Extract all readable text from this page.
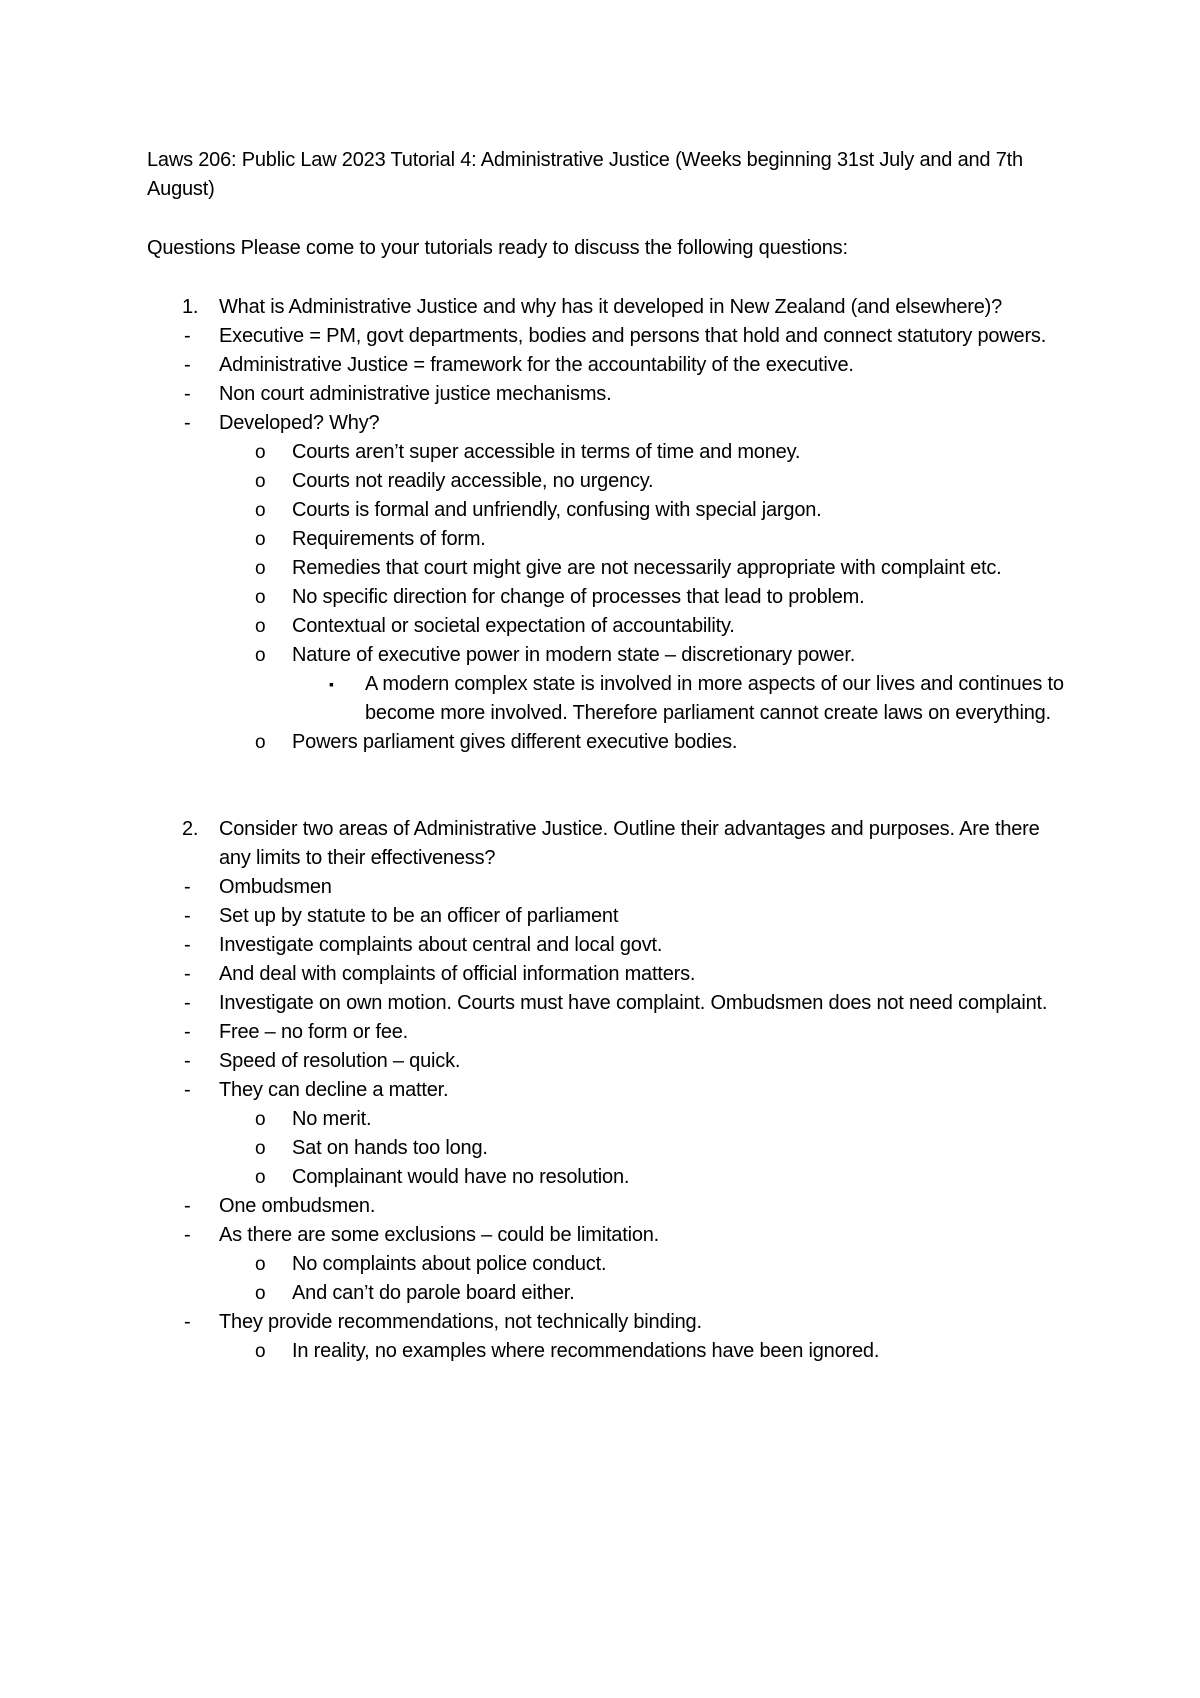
Laws 206: Public Law 2023 Tutorial 4: Administrative Justice (Weeks beginning 31st July and and 7th August)

Questions Please come to your tutorials ready to discuss the following questions:

1. What is Administrative Justice and why has it developed in New Zealand (and elsewhere)?
- Executive = PM, govt departments, bodies and persons that hold and connect statutory powers.
- Administrative Justice = framework for the accountability of the executive.
- Non court administrative justice mechanisms.
- Developed? Why?
o Courts aren’t super accessible in terms of time and money.
o Courts not readily accessible, no urgency.
o Courts is formal and unfriendly, confusing with special jargon.
o Requirements of form.
o Remedies that court might give are not necessarily appropriate with complaint etc.
o No specific direction for change of processes that lead to problem.
o Contextual or societal expectation of accountability.
o Nature of executive power in modern state – discretionary power.
▪ A modern complex state is involved in more aspects of our lives and continues to become more involved. Therefore parliament cannot create laws on everything.
o Powers parliament gives different executive bodies.
2. Consider two areas of Administrative Justice. Outline their advantages and purposes. Are there any limits to their effectiveness?
- Ombudsmen
- Set up by statute to be an officer of parliament
- Investigate complaints about central and local govt.
- And deal with complaints of official information matters.
- Investigate on own motion. Courts must have complaint. Ombudsmen does not need complaint.
- Free – no form or fee.
- Speed of resolution – quick.
- They can decline a matter.
o No merit.
o Sat on hands too long.
o Complainant would have no resolution.
- One ombudsmen.
- As there are some exclusions – could be limitation.
o No complaints about police conduct.
o And can’t do parole board either.
- They provide recommendations, not technically binding.
o In reality, no examples where recommendations have been ignored.
